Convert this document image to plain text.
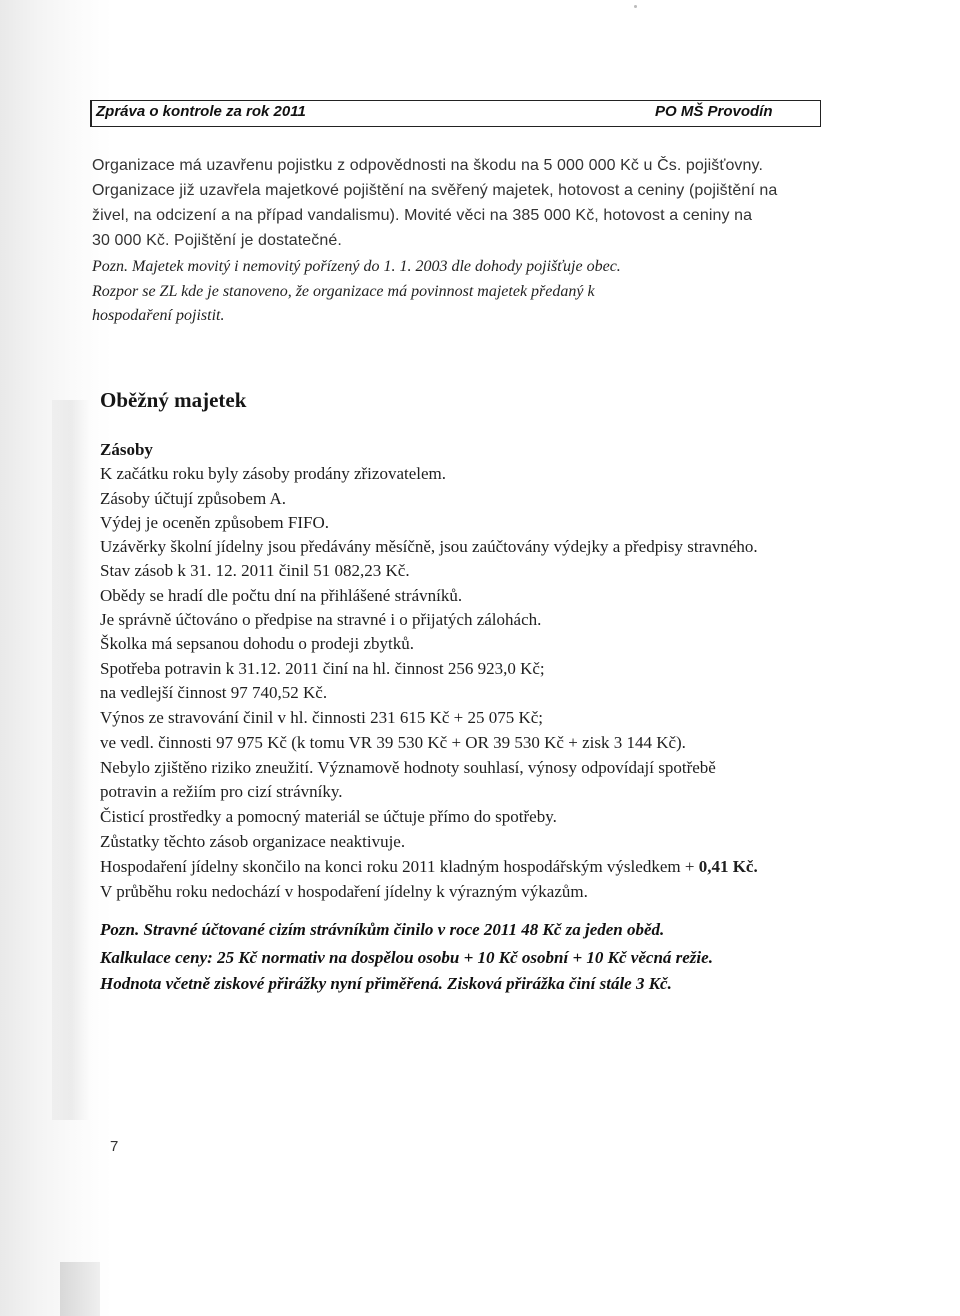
Zpráva o kontrole za rok 2011	PO MŠ Provodín
Organizace má uzavřenu pojistku z odpovědnosti na škodu na 5 000 000 Kč u Čs. pojišťovny.
Organizace již uzavřela majetkové pojištění na svěřený majetek, hotovost a ceniny (pojištění na
živel, na odcizení a na případ vandalismu). Movité věci na 385 000 Kč, hotovost a ceniny na
30 000 Kč. Pojištění je dostatečné.
Pozn. Majetek movitý i nemovitý pořízený do 1. 1. 2003 dle dohody pojišťuje obec.
Rozpor se ZL kde je stanoveno, že organizace má povinnost majetek předaný k
hospodaření pojistit.
Oběžný majetek
Zásoby
K začátku roku byly zásoby prodány zřizovatelem.
Zásoby účtují způsobem A.
Výdej je oceněn způsobem FIFO.
Uzávěrky školní jídelny jsou předávány měsíčně, jsou zaúčtovány výdejky a předpisy stravného.
Stav zásob k 31. 12. 2011 činil 51 082,23 Kč.
Obědy se hradí dle počtu dní na přihlášené strávníků.
Je správně účtováno o předpise na stravné i o přijatých zálohách.
Školka má sepsanou dohodu o prodeji zbytků.
Spotřeba potravin k 31.12. 2011 činí na hl. činnost 256 923,0 Kč;
na vedlejší činnost 97 740,52 Kč.
Výnos ze stravování činil v hl. činnosti 231 615 Kč + 25 075 Kč;
ve vedl. činnosti 97 975 Kč (k tomu VR 39 530 Kč + OR 39 530 Kč + zisk 3 144 Kč).
Nebylo zjištěno riziko zneužití. Významově hodnoty souhlasí, výnosy odpovídají spotřebě
potravin a režiím pro cizí strávníky.
Čisticí prostředky a pomocný materiál se účtuje přímo do spotřeby.
Zůstatky těchto zásob organizace neaktivuje.
Hospodaření jídelny skončilo na konci roku 2011 kladným hospodářským výsledkem + 0,41 Kč.
V průběhu roku nedochází v hospodaření jídelny k výrazným výkazům.
Pozn. Stravné účtované cizím strávníkům činilo v roce 2011 48 Kč za jeden oběd.
Kalkulace ceny: 25 Kč normativ na dospělou osobu + 10 Kč osobní + 10 Kč věcná režie.
Hodnota včetně ziskové přirážky nyní přiměřená. Zisková přirážka činí stále 3 Kč.
7
